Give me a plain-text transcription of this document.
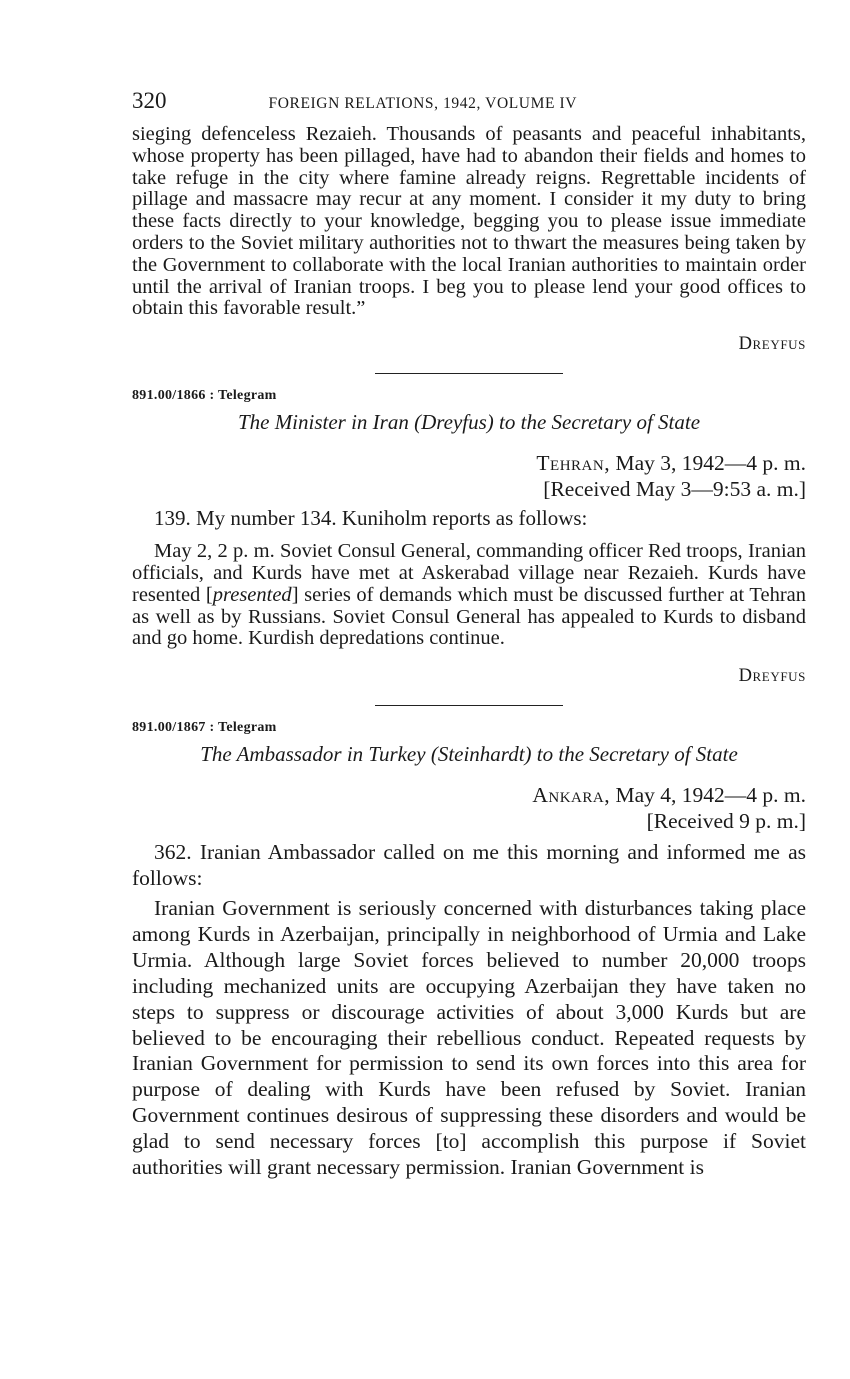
320	FOREIGN RELATIONS, 1942, VOLUME IV

sieging defenceless Rezaieh. Thousands of peasants and peaceful inhabitants, whose property has been pillaged, have had to abandon their fields and homes to take refuge in the city where famine already reigns. Regrettable incidents of pillage and massacre may recur at any moment. I consider it my duty to bring these facts directly to your knowledge, begging you to please issue immediate orders to the Soviet military authorities not to thwart the measures being taken by the Government to collaborate with the local Iranian authorities to maintain order until the arrival of Iranian troops. I beg you to please lend your good offices to obtain this favorable result.”

Dreyfus
891.00/1866 : Telegram
The Minister in Iran (Dreyfus) to the Secretary of State
Tehran, May 3, 1942—4 p. m.
[Received May 3—9:53 a. m.]

139. My number 134. Kuniholm reports as follows:

May 2, 2 p. m. Soviet Consul General, commanding officer Red troops, Iranian officials, and Kurds have met at Askerabad village near Rezaieh. Kurds have resented [presented] series of demands which must be discussed further at Tehran as well as by Russians. Soviet Consul General has appealed to Kurds to disband and go home. Kurdish depredations continue.

Dreyfus
891.00/1867 : Telegram
The Ambassador in Turkey (Steinhardt) to the Secretary of State
Ankara, May 4, 1942—4 p. m.
[Received 9 p. m.]

362. Iranian Ambassador called on me this morning and informed me as follows:

Iranian Government is seriously concerned with disturbances taking place among Kurds in Azerbaijan, principally in neighborhood of Urmia and Lake Urmia. Although large Soviet forces believed to number 20,000 troops including mechanized units are occupying Azerbaijan they have taken no steps to suppress or discourage activities of about 3,000 Kurds but are believed to be encouraging their rebellious conduct. Repeated requests by Iranian Government for permission to send its own forces into this area for purpose of dealing with Kurds have been refused by Soviet. Iranian Government continues desirous of suppressing these disorders and would be glad to send necessary forces [to] accomplish this purpose if Soviet authorities will grant necessary permission. Iranian Government is
